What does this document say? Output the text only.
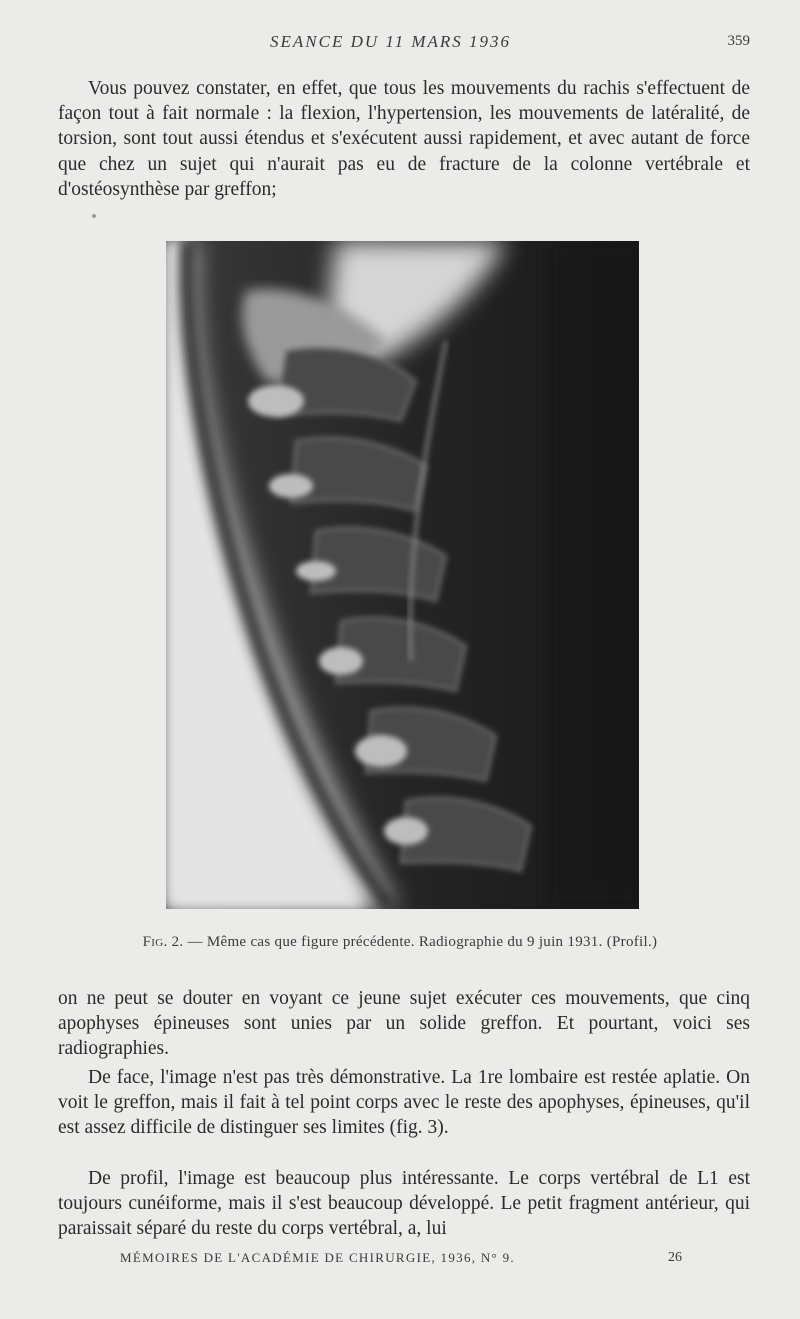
SEANCE DU 11 MARS 1936	359

Vous pouvez constater, en effet, que tous les mouvements du rachis s'effectuent de façon tout à fait normale : la flexion, l'hypertension, les mouvements de latéralité, de torsion, sont tout aussi étendus et s'exécutent aussi rapidement, et avec autant de force que chez un sujet qui n'aurait pas eu de fracture de la colonne vertébrale et d'ostéosynthèse par greffon;

Fig. 2. — Même cas que figure précédente. Radiographie du 9 juin 1931. (Profil.)

on ne peut se douter en voyant ce jeune sujet exécuter ces mouvements, que cinq apophyses épineuses sont unies par un solide greffon. Et pourtant, voici ses radiographies.

De face, l'image n'est pas très démonstrative. La 1re lombaire est restée aplatie. On voit le greffon, mais il fait à tel point corps avec le reste des apophyses, épineuses, qu'il est assez difficile de distinguer ses limites (fig. 3).

De profil, l'image est beaucoup plus intéressante. Le corps vertébral de L1 est toujours cunéiforme, mais il s'est beaucoup développé. Le petit fragment antérieur, qui paraissait séparé du reste du corps vertébral, a, lui

MÉMOIRES DE L'ACADÉMIE DE CHIRURGIE, 1936, N° 9.	26
